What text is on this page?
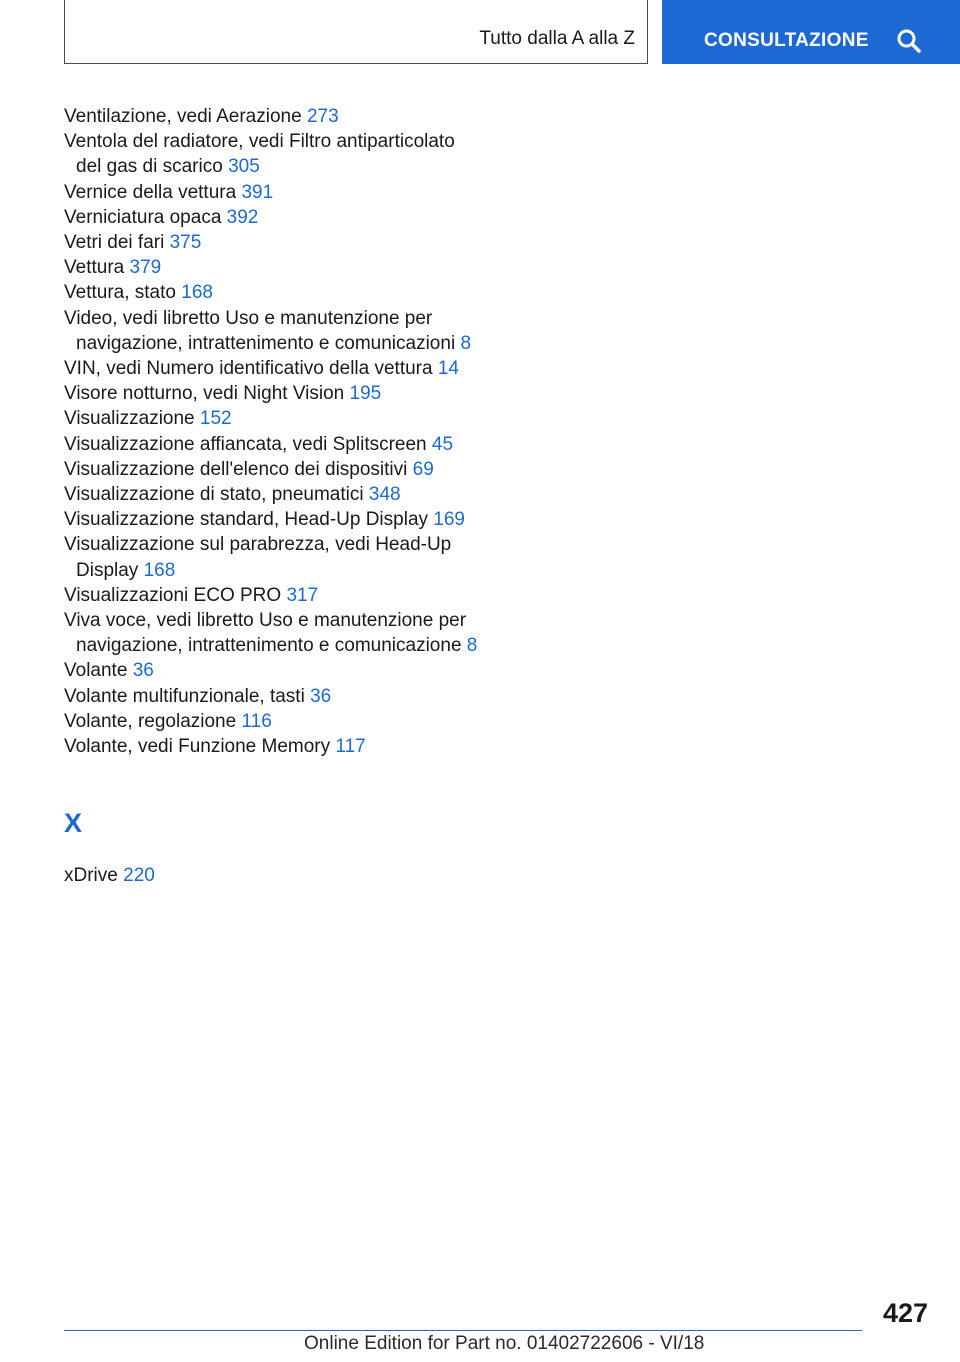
Tutto dalla A alla Z	CONSULTAZIONE
Ventilazione, vedi Aerazione 273
Ventola del radiatore, vedi Filtro antiparticolato del gas di scarico 305
Vernice della vettura 391
Verniciatura opaca 392
Vetri dei fari 375
Vettura 379
Vettura, stato 168
Video, vedi libretto Uso e manutenzione per navigazione, intrattenimento e comunicazioni 8
VIN, vedi Numero identificativo della vettura 14
Visore notturno, vedi Night Vision 195
Visualizzazione 152
Visualizzazione affiancata, vedi Splitscreen 45
Visualizzazione dell'elenco dei dispositivi 69
Visualizzazione di stato, pneumatici 348
Visualizzazione standard, Head-Up Display 169
Visualizzazione sul parabrezza, vedi Head-Up Display 168
Visualizzazioni ECO PRO 317
Viva voce, vedi libretto Uso e manutenzione per navigazione, intrattenimento e comunicazione 8
Volante 36
Volante multifunzionale, tasti 36
Volante, regolazione 116
Volante, vedi Funzione Memory 117
X
xDrive 220
427
Online Edition for Part no. 01402722606 - VI/18
